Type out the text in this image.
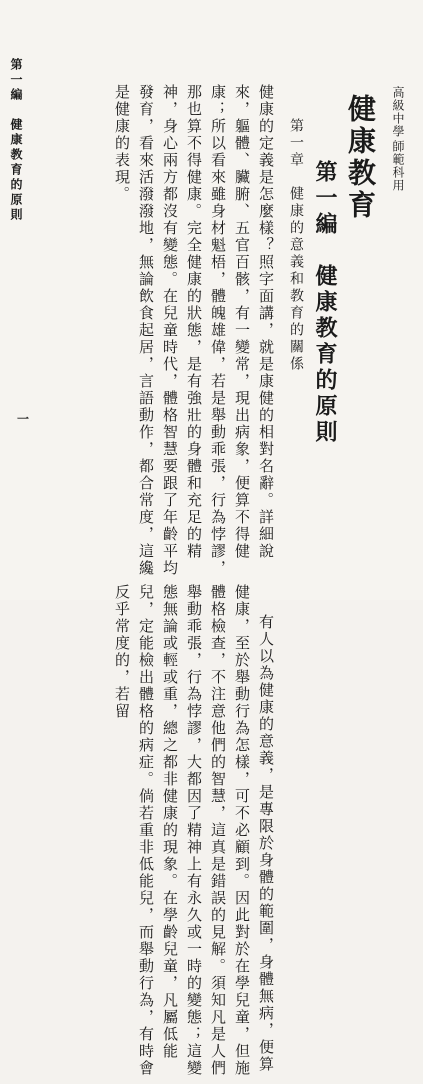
第一編　健康教育的原則
一
高級中學
師範科用
健康教育
第一編　健康教育的原則
第一章　健康的意義和教育的關係

健康的定義是怎麼樣？照字面講，就是康健的相對名辭。詳細說來，軀體、臟腑、五官百骸，有一變常，現出病象，便算不得健康；所以看來雖身材魁梧，體魄雄偉，若是舉動乖張，行為悖謬，那也算不得健康。完全健康的狀態，是有強壯的身體和充足的精神，身心兩方都沒有變態。在兒童時代，體格智慧要跟了年齡平均發育，看來活潑潑地，無論飲食起居，言語動作，都合常度，這纔是健康的表現。

有人以為健康的意義，是專限於身體的範圍，身體無病，便算健康，至於舉動行為怎樣，可不必顧到。因此對於在學兒童，但施體格檢查，不注意他們的智慧，這真是錯誤的見解。須知凡是人們舉動乖張，行為悖謬，大都因了精神上有永久或一時的變態；這變態無論或輕或重，總之都非健康的現象。在學齡兒童，凡屬低能兒，定能檢出體格的病症。倘若重非低能兒，而舉動行為，有時會反乎常度的，若留
